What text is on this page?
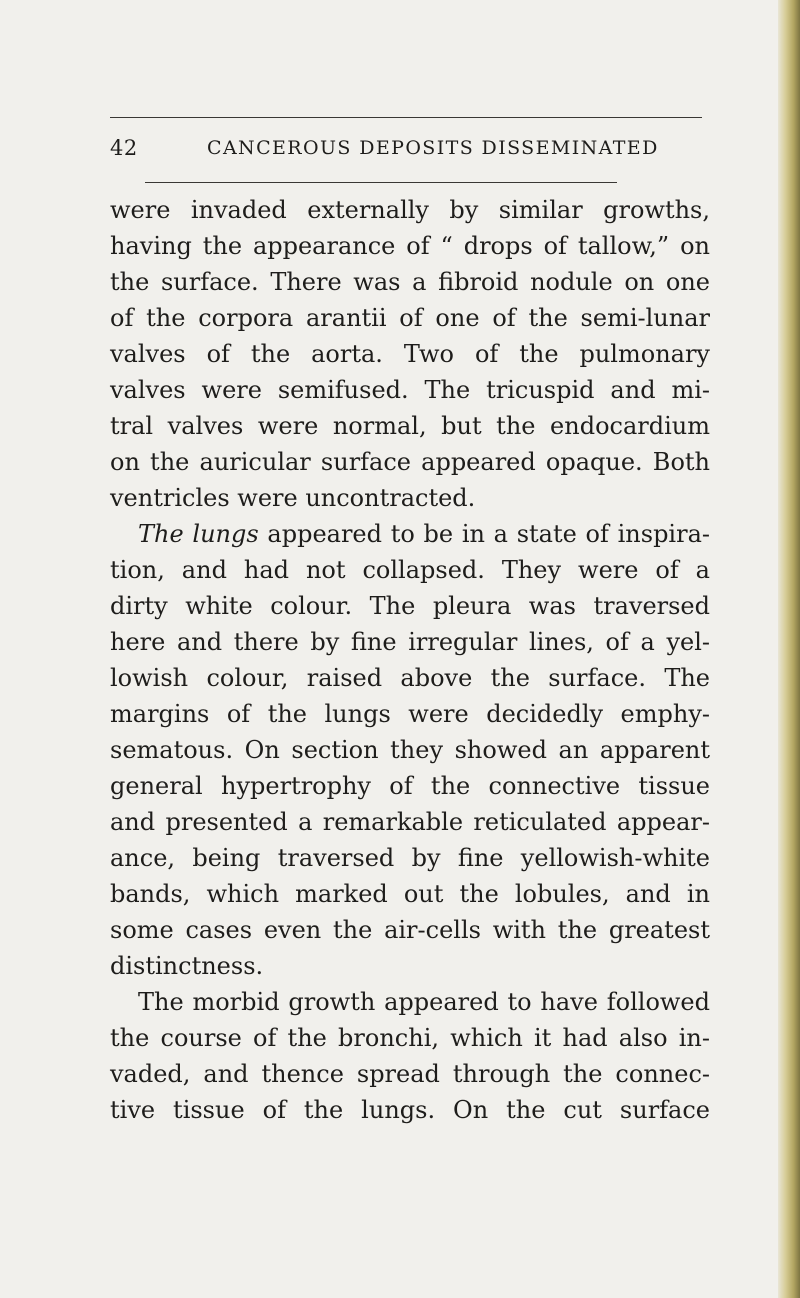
42	CANCEROUS DEPOSITS DISSEMINATED
were invaded externally by similar growths,
having the appearance of “ drops of tallow,” on
the surface. There was a fibroid nodule on one
of the corpora arantii of one of the semi-lunar
valves of the aorta. Two of the pulmonary
valves were semifused. The tricuspid and mi-
tral valves were normal, but the endocardium
on the auricular surface appeared opaque. Both
ventricles were uncontracted.
The lungs appeared to be in a state of inspira-
tion, and had not collapsed. They were of a
dirty white colour. The pleura was traversed
here and there by fine irregular lines, of a yel-
lowish colour, raised above the surface. The
margins of the lungs were decidedly emphy-
sematous. On section they showed an apparent
general hypertrophy of the connective tissue
and presented a remarkable reticulated appear-
ance, being traversed by fine yellowish-white
bands, which marked out the lobules, and in
some cases even the air-cells with the greatest
distinctness.
The morbid growth appeared to have followed
the course of the bronchi, which it had also in-
vaded, and thence spread through the connec-
tive tissue of the lungs. On the cut surface
